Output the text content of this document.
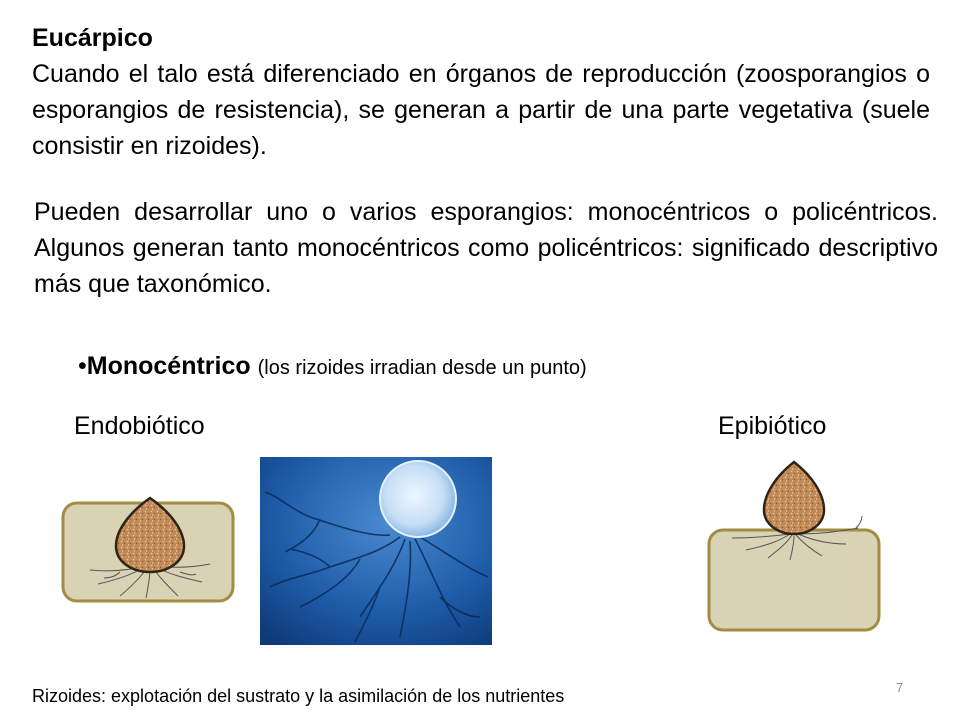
Eucárpico
Cuando el talo está diferenciado en órganos de reproducción (zoosporangios o esporangios de resistencia), se generan a partir de una parte vegetativa (suele consistir en rizoides).
Pueden desarrollar uno o varios esporangios: monocéntricos o policéntricos. Algunos generan tanto monocéntricos como policéntricos: significado descriptivo más que taxonómico.
•Monocéntrico (los rizoides irradian desde un punto)
Endobiótico	Epibiótico
Rizoides: explotación del sustrato y la asimilación de los nutrientes	7
